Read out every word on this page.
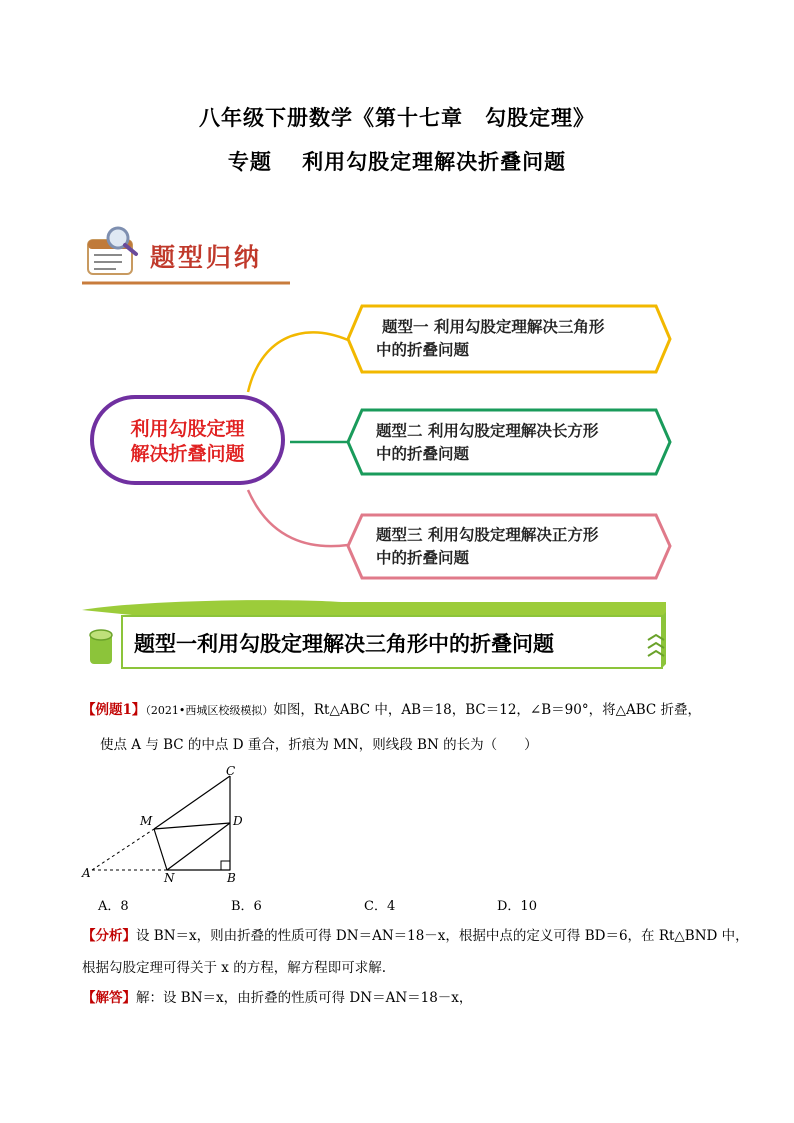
八年级下册数学《第十七章　勾股定理》
专题　 利用勾股定理解决折叠问题
题型归纳
利用勾股定理
解决折叠问题
题型一 利用勾股定理解决三角形
中的折叠问题
题型二 利用勾股定理解决长方形
中的折叠问题
题型三 利用勾股定理解决正方形
中的折叠问题
题型一利用勾股定理解决三角形中的折叠问题
【例题1】（2021•西城区校级模拟）如图，Rt△ABC 中，AB＝18，BC＝12，∠B＝90°，将△ABC 折叠，
使点 A 与 BC 的中点 D 重合，折痕为 MN，则线段 BN 的长为（　　）
C
M	D
A	N	B
A．8	B．6	C．4	D．10
【分析】设 BN＝x，则由折叠的性质可得 DN＝AN＝18－x，根据中点的定义可得 BD＝6，在 Rt△BND 中，
根据勾股定理可得关于 x 的方程，解方程即可求解.
【解答】解：设 BN＝x，由折叠的性质可得 DN＝AN＝18－x，
